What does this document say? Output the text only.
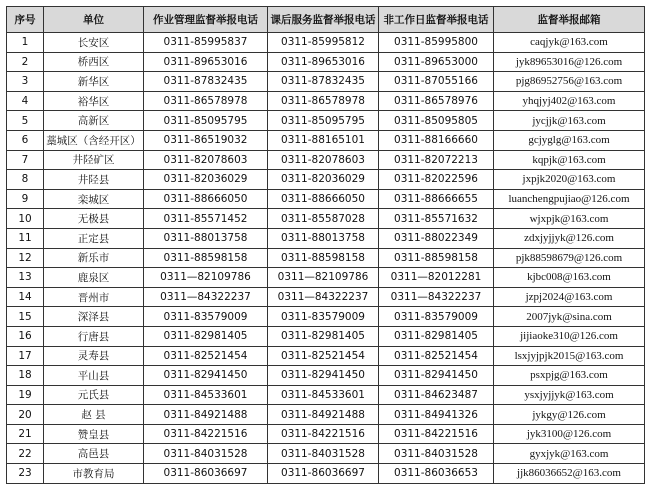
序号	单位	作业管理监督举报电话	课后服务监督举报电话	非工作日监督举报电话	监督举报邮箱
1	长安区	0311-85995837	0311-85995812	0311-85995800	caqjyk@163.com
2	桥西区	0311-89653016	0311-89653016	0311-89653000	jyk89653016@126.com
3	新华区	0311-87832435	0311-87832435	0311-87055166	pjg86952756@163.com
4	裕华区	0311-86578978	0311-86578978	0311-86578976	yhqjyj402@163.com
5	高新区	0311-85095795	0311-85095795	0311-85095805	jycjjk@163.com
6	藁城区（含经开区）	0311-86519032	0311-88165101	0311-88166660	gcjyglg@163.com
7	井陉矿区	0311-82078603	0311-82078603	0311-82072213	kqpjk@163.com
8	井陉县	0311-82036029	0311-82036029	0311-82022596	jxpjk2020@163.com
9	栾城区	0311-88666050	0311-88666050	0311-88666655	luanchengpujiao@126.com
10	无极县	0311-85571452	0311-85587028	0311-85571632	wjxpjk@163.com
11	正定县	0311-88013758	0311-88013758	0311-88022349	zdxjyjjyk@126.com
12	新乐市	0311-88598158	0311-88598158	0311-88598158	pjk88598679@126.com
13	鹿泉区	0311—82109786	0311—82109786	0311—82012281	kjbc008@163.com
14	晋州市	0311—84322237	0311—84322237	0311—84322237	jzpj2024@163.com
15	深泽县	0311-83579009	0311-83579009	0311-83579009	2007jyk@sina.com
16	行唐县	0311-82981405	0311-82981405	0311-82981405	jijiaoke310@126.com
17	灵寿县	0311-82521454	0311-82521454	0311-82521454	lsxjyjpjk2015@163.com
18	平山县	0311-82941450	0311-82941450	0311-82941450	psxpjg@163.com
19	元氏县	0311-84533601	0311-84533601	0311-84623487	ysxjyjjyk@163.com
20	赵 县	0311-84921488	0311-84921488	0311-84941326	jykgy@126.com
21	赞皇县	0311-84221516	0311-84221516	0311-84221516	jyk3100@126.com
22	高邑县	0311-84031528	0311-84031528	0311-84031528	gyxjyk@163.com
23	市教育局	0311-86036697	0311-86036697	0311-86036653	jjk86036652@163.com
